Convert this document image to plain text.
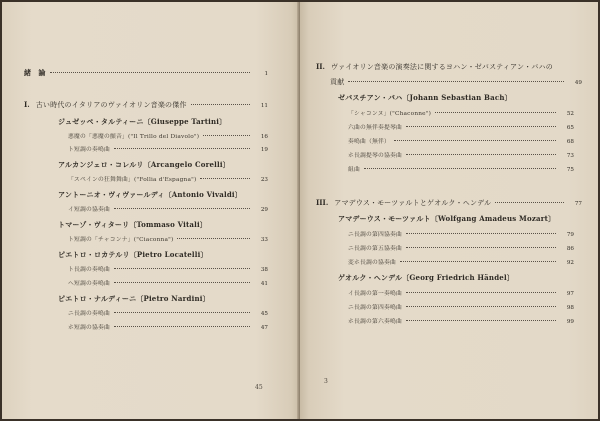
緒　論	1
I. 古い時代のイタリアのヴァイオリン音楽の傑作	11
ジュゼッペ・タルティーニ〔Giuseppe Tartini〕
悪魔の「悪魔の顫音」("Il Trillo del Diavolo")	16
ト短調の奏鳴曲	19
アルカンジェロ・コレルリ〔Arcangelo Corelli〕
「スペインの狂舞舞曲」("Follia d'Espagna")	23
アントーニオ・ヴィヴァールディ〔Antonio Vivaldi〕
イ短調の協奏曲	29
トマーゾ・ヴィターリ〔Tommaso Vitali〕
ト短調の「チャコンナ」("Ciaconna")	33
ピエトロ・ロカテルリ〔Pietro Locatelli〕
ト長調の奏鳴曲	38
へ短調の奏鳴曲	41
ピエトロ・ナルディーニ〔Pietro Nardini〕
ニ長調の奏鳴曲	45
ホ短調の協奏曲	47
45
II. ヴァイオリン音楽の演奏法に関するヨハン・ゼバスティアン・バハの
貢献	49
ゼバスチアン・バハ〔Johann Sebastian Bach〕
「シャコンヌ」("Chaconne")	52
六曲の無伴奏提琴曲	65
奏鳴曲（無伴）	68
ホ長調提琴の協奏曲	73
組曲	75
III. アマデウス・モーツァルトとゲオルク・ヘンデル	77
アマデーウス・モーツァルト〔Wolfgang Amadeus Mozart〕
ニ長調の第四協奏曲	79
ニ長調の第五協奏曲	86
変ホ長調の協奏曲	92
ゲオルク・ヘンデル〔Georg Friedrich Händel〕
イ長調の第一奏鳴曲	97
ニ長調の第四奏鳴曲	98
ホ長調の第六奏鳴曲	99
3
